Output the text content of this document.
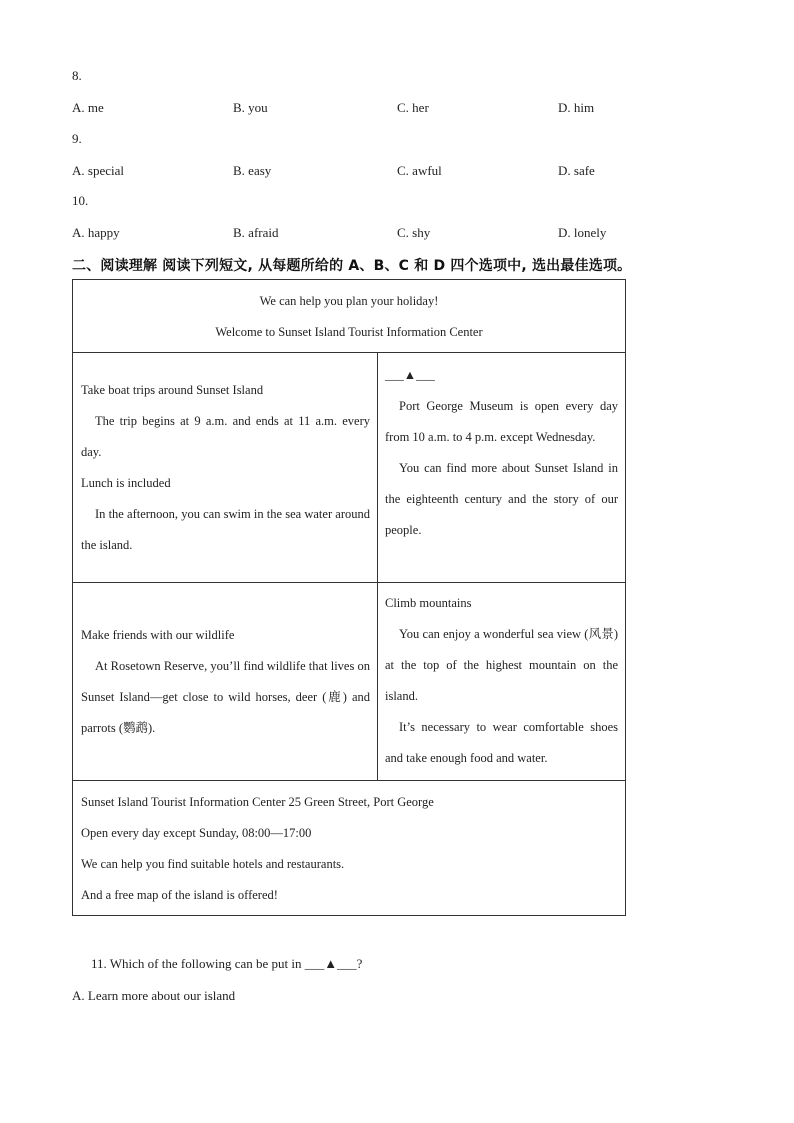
8.
A. me	B. you	C. her	D. him
9.
A. special	B. easy	C. awful	D. safe
10.
A. happy	B. afraid	C. shy	D. lonely
二、阅读理解 阅读下列短文, 从每题所给的 A、B、C 和 D 四个选项中, 选出最佳选项。

We can help you plan your holiday!

Welcome to Sunset Island Tourist Information Center

Take boat trips around Sunset Island

The trip begins at 9 a.m. and ends at 11 a.m. every day.

Lunch is included

In the afternoon, you can swim in the sea water around the island.

___▲___

Port George Museum is open every day from 10 a.m. to 4 p.m. except Wednesday.

You can find more about Sunset Island in the eighteenth century and the story of our people.

Make friends with our wildlife

At Rosetown Reserve, you’ll find wildlife that lives on Sunset Island—get close to wild horses, deer (鹿) and parrots (鹦鹉).

Climb mountains

You can enjoy a wonderful sea view (风景) at the top of the highest mountain on the island.

It’s necessary to wear comfortable shoes and take enough food and water.

Sunset Island Tourist Information Center 25 Green Street, Port George

Open every day except Sunday, 08:00—17:00

We can help you find suitable hotels and restaurants.

And a free map of the island is offered!

11. Which of the following can be put in ___▲___?
A. Learn more about our island
